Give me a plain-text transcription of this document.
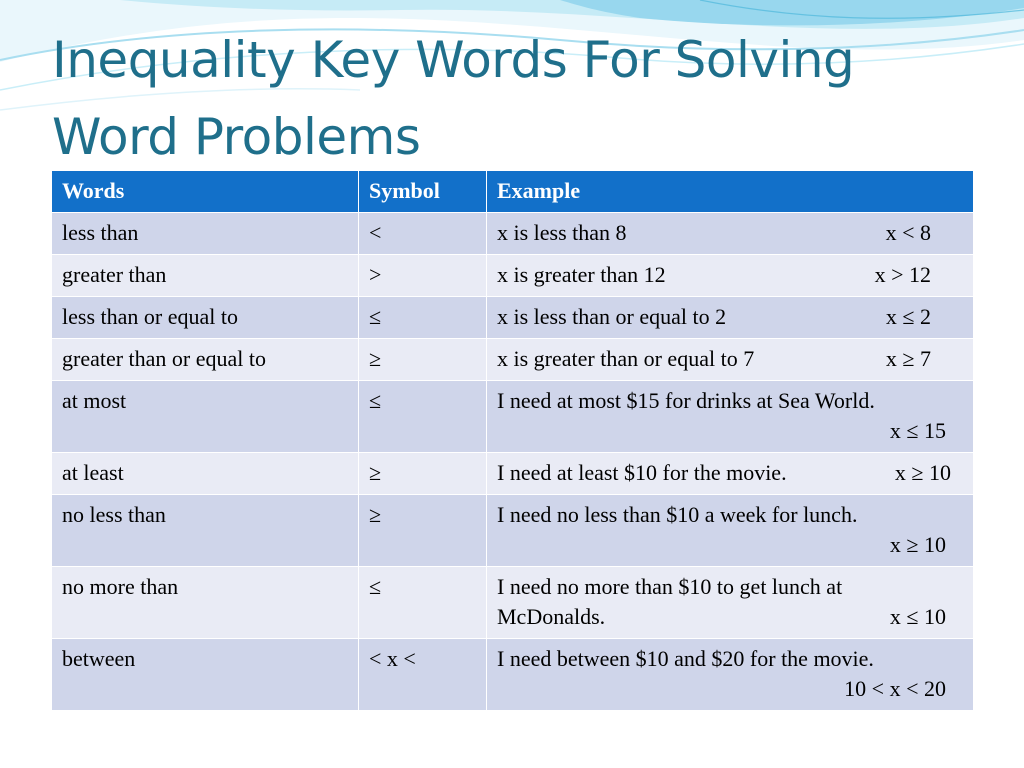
Inequality Key Words For Solving Word Problems
Words	Symbol	Example
less than	<	x is less than 8 x < 8

greater than	>	x is greater than 12 x > 12

less than or equal to	≤	x is less than or equal to 2 x ≤ 2

greater than or equal to	≥	x is greater than or equal to 7 x ≥ 7

at most	≤	I need at most $15 for drinks at Sea World.
x ≤ 15

at least	≥	I need at least $10 for the movie. x ≥ 10

no less than	≥	I need no less than $10 a week for lunch.
x ≥ 10

no more than	≤	I need no more than $10 to get lunch at
McDonalds. x ≤ 10

between	< x <	I need between $10 and $20 for the movie.
10 < x < 20
